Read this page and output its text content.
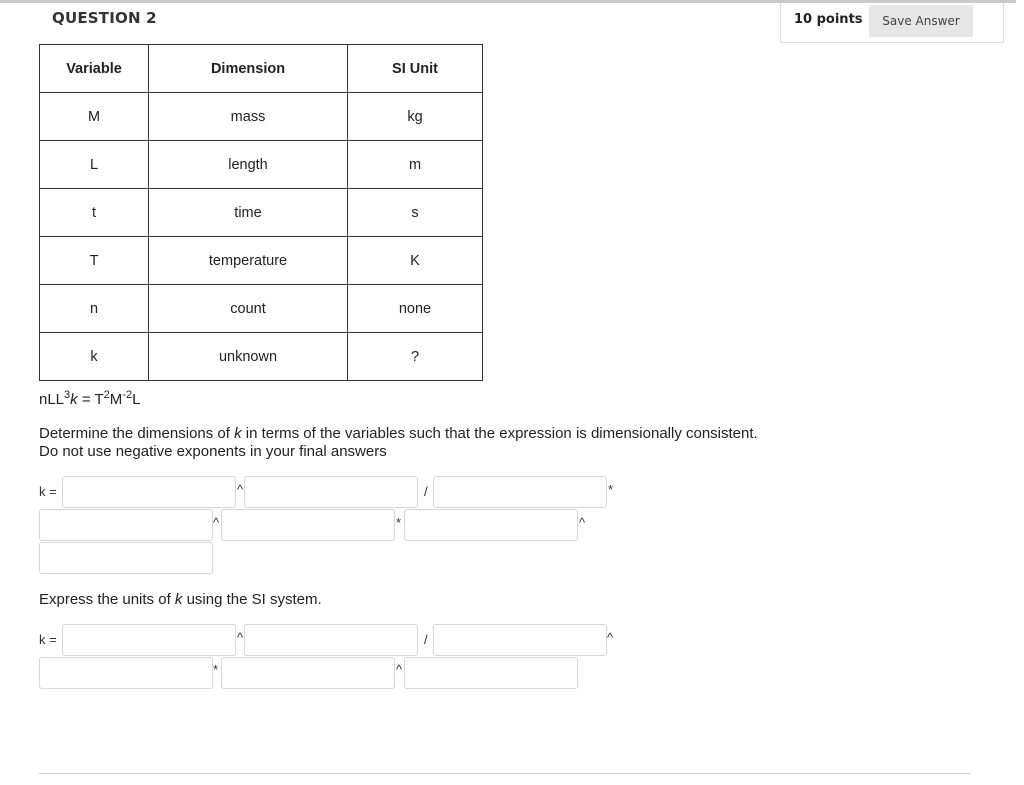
QUESTION 2	10 points	Save Answer
Variable	Dimension	SI Unit
M	mass	kg
L	length	m
t	time	s
T	temperature	K
n	count	none
k	unknown	?
$nLL^3k = T^2M^{-2}L$
Determine the dimensions of k in terms of the variables such that the expression is dimensionally consistent. Do not use negative exponents in your final answers
k =	^	/	*
^	*	^
Express the units of k using the SI system.
k =	^	/	^
*	^
